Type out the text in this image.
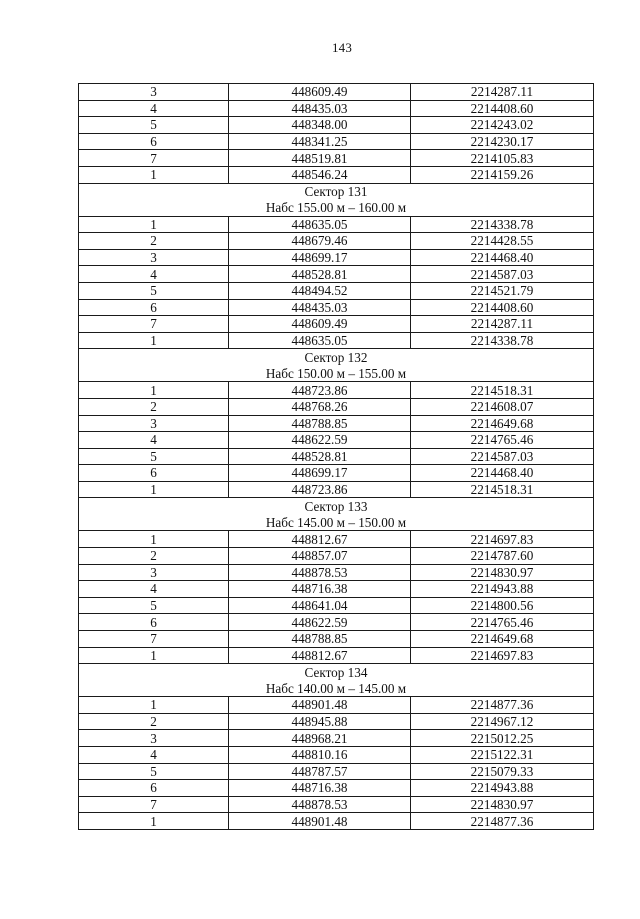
143
3	448609.49	2214287.11
4	448435.03	2214408.60
5	448348.00	2214243.02
6	448341.25	2214230.17
7	448519.81	2214105.83
1	448546.24	2214159.26
Сектор 131		
Набс 155.00 м – 160.00 м		
1	448635.05	2214338.78
2	448679.46	2214428.55
3	448699.17	2214468.40
4	448528.81	2214587.03
5	448494.52	2214521.79
6	448435.03	2214408.60
7	448609.49	2214287.11
1	448635.05	2214338.78
Сектор 132		
Набс 150.00 м – 155.00 м		
1	448723.86	2214518.31
2	448768.26	2214608.07
3	448788.85	2214649.68
4	448622.59	2214765.46
5	448528.81	2214587.03
6	448699.17	2214468.40
1	448723.86	2214518.31
Сектор 133		
Набс 145.00 м – 150.00 м		
1	448812.67	2214697.83
2	448857.07	2214787.60
3	448878.53	2214830.97
4	448716.38	2214943.88
5	448641.04	2214800.56
6	448622.59	2214765.46
7	448788.85	2214649.68
1	448812.67	2214697.83
Сектор 134		
Набс 140.00 м – 145.00 м		
1	448901.48	2214877.36
2	448945.88	2214967.12
3	448968.21	2215012.25
4	448810.16	2215122.31
5	448787.57	2215079.33
6	448716.38	2214943.88
7	448878.53	2214830.97
1	448901.48	2214877.36
